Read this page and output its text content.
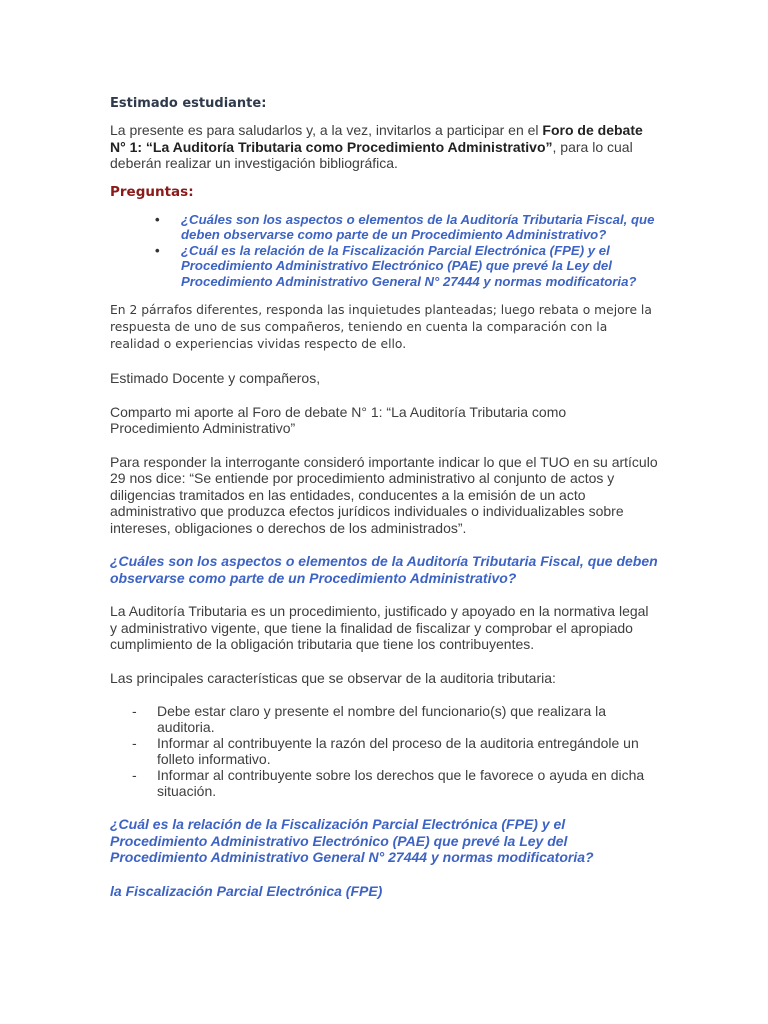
Estimado estudiante:

La presente es para saludarlos y, a la vez, invitarlos a participar en el Foro de debate N° 1: “La Auditoría Tributaria como Procedimiento Administrativo”, para lo cual deberán realizar un investigación bibliográfica.

Preguntas:

• ¿Cuáles son los aspectos o elementos de la Auditoría Tributaria Fiscal, que deben observarse como parte de un Procedimiento Administrativo?
• ¿Cuál es la relación de la Fiscalización Parcial Electrónica (FPE) y el Procedimiento Administrativo Electrónico (PAE) que prevé la Ley del Procedimiento Administrativo General N° 27444 y normas modificatoria?

En 2 párrafos diferentes, responda las inquietudes planteadas; luego rebata o mejore la respuesta de uno de sus compañeros, teniendo en cuenta la comparación con la realidad o experiencias vividas respecto de ello.

Estimado Docente y compañeros,

Comparto mi aporte al Foro de debate N° 1: “La Auditoría Tributaria como Procedimiento Administrativo”

Para responder la interrogante consideró importante indicar lo que el TUO en su artículo 29 nos dice: “Se entiende por procedimiento administrativo al conjunto de actos y diligencias tramitados en las entidades, conducentes a la emisión de un acto administrativo que produzca efectos jurídicos individuales o individualizables sobre intereses, obligaciones o derechos de los administrados”.

¿Cuáles son los aspectos o elementos de la Auditoría Tributaria Fiscal, que deben observarse como parte de un Procedimiento Administrativo?

La Auditoría Tributaria es un procedimiento, justificado y apoyado en la normativa legal y administrativo vigente, que tiene la finalidad de fiscalizar y comprobar el apropiado cumplimiento de la obligación tributaria que tiene los contribuyentes.

Las principales características que se observar de la auditoria tributaria:

- Debe estar claro y presente el nombre del funcionario(s) que realizara la auditoria.
- Informar al contribuyente la razón del proceso de la auditoria entregándole un folleto informativo.
- Informar al contribuyente sobre los derechos que le favorece o ayuda en dicha situación.

¿Cuál es la relación de la Fiscalización Parcial Electrónica (FPE) y el Procedimiento Administrativo Electrónico (PAE) que prevé la Ley del Procedimiento Administrativo General N° 27444 y normas modificatoria?

la Fiscalización Parcial Electrónica (FPE)
